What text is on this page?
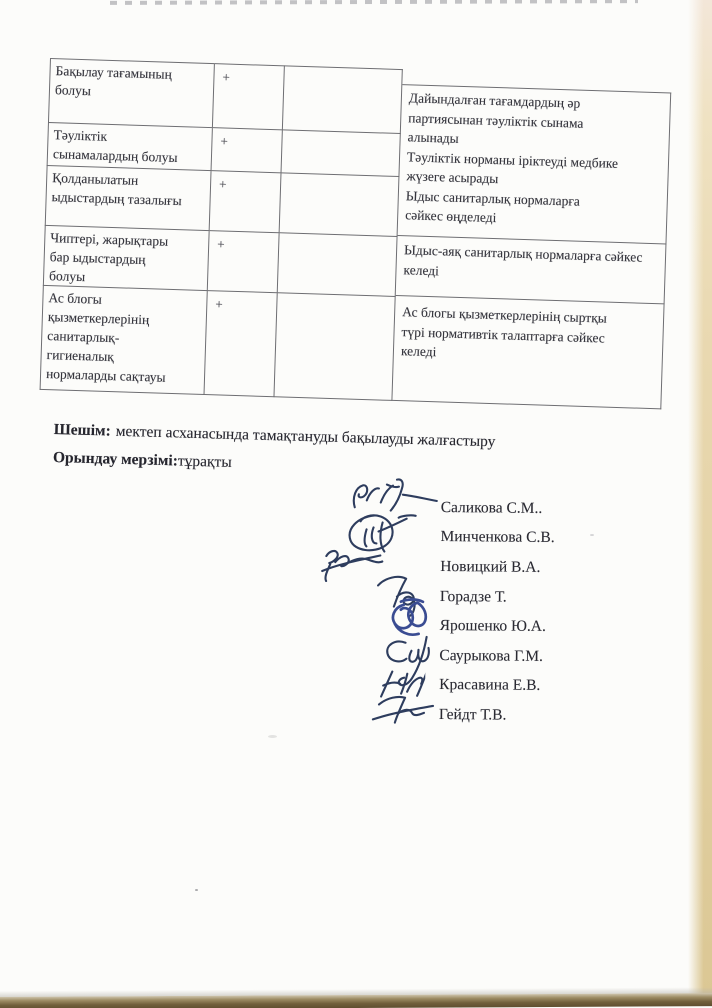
Бақылау тағамының болуы
+
Тәуліктік сынамалардың болуы
+
Қолданылатын ыдыстардың тазалығы
+
Чиптері, жарықтары бар ыдыстардың болуы
+
Ас блогы қызметкерлерінің санитарлық-гигиеналық нормаларды сақтауы
+

Дайындалған тағамдардың әр партиясынан тәуліктік сынама алынады

Тәуліктік норманы іріктеуді медбике жүзеге асырады

Ыдыс санитарлық нормаларға сәйкес өңделеді

Ыдыс-аяқ санитарлық нормаларға сәйкес келеді

Ас блогы қызметкерлерінің сыртқы түрі нормативтік талаптарға сәйкес келеді

Шешім: мектеп асханасында тамақтануды бақылауды жалғастыру

Орындау мерзімі:тұрақты

Саликова С.М..
Минченкова С.В.
Новицкий В.А.
Горадзе Т.
Ярошенко Ю.А.
Саурыкова Г.М.
Красавина Е.В.
Гейдт Т.В.
